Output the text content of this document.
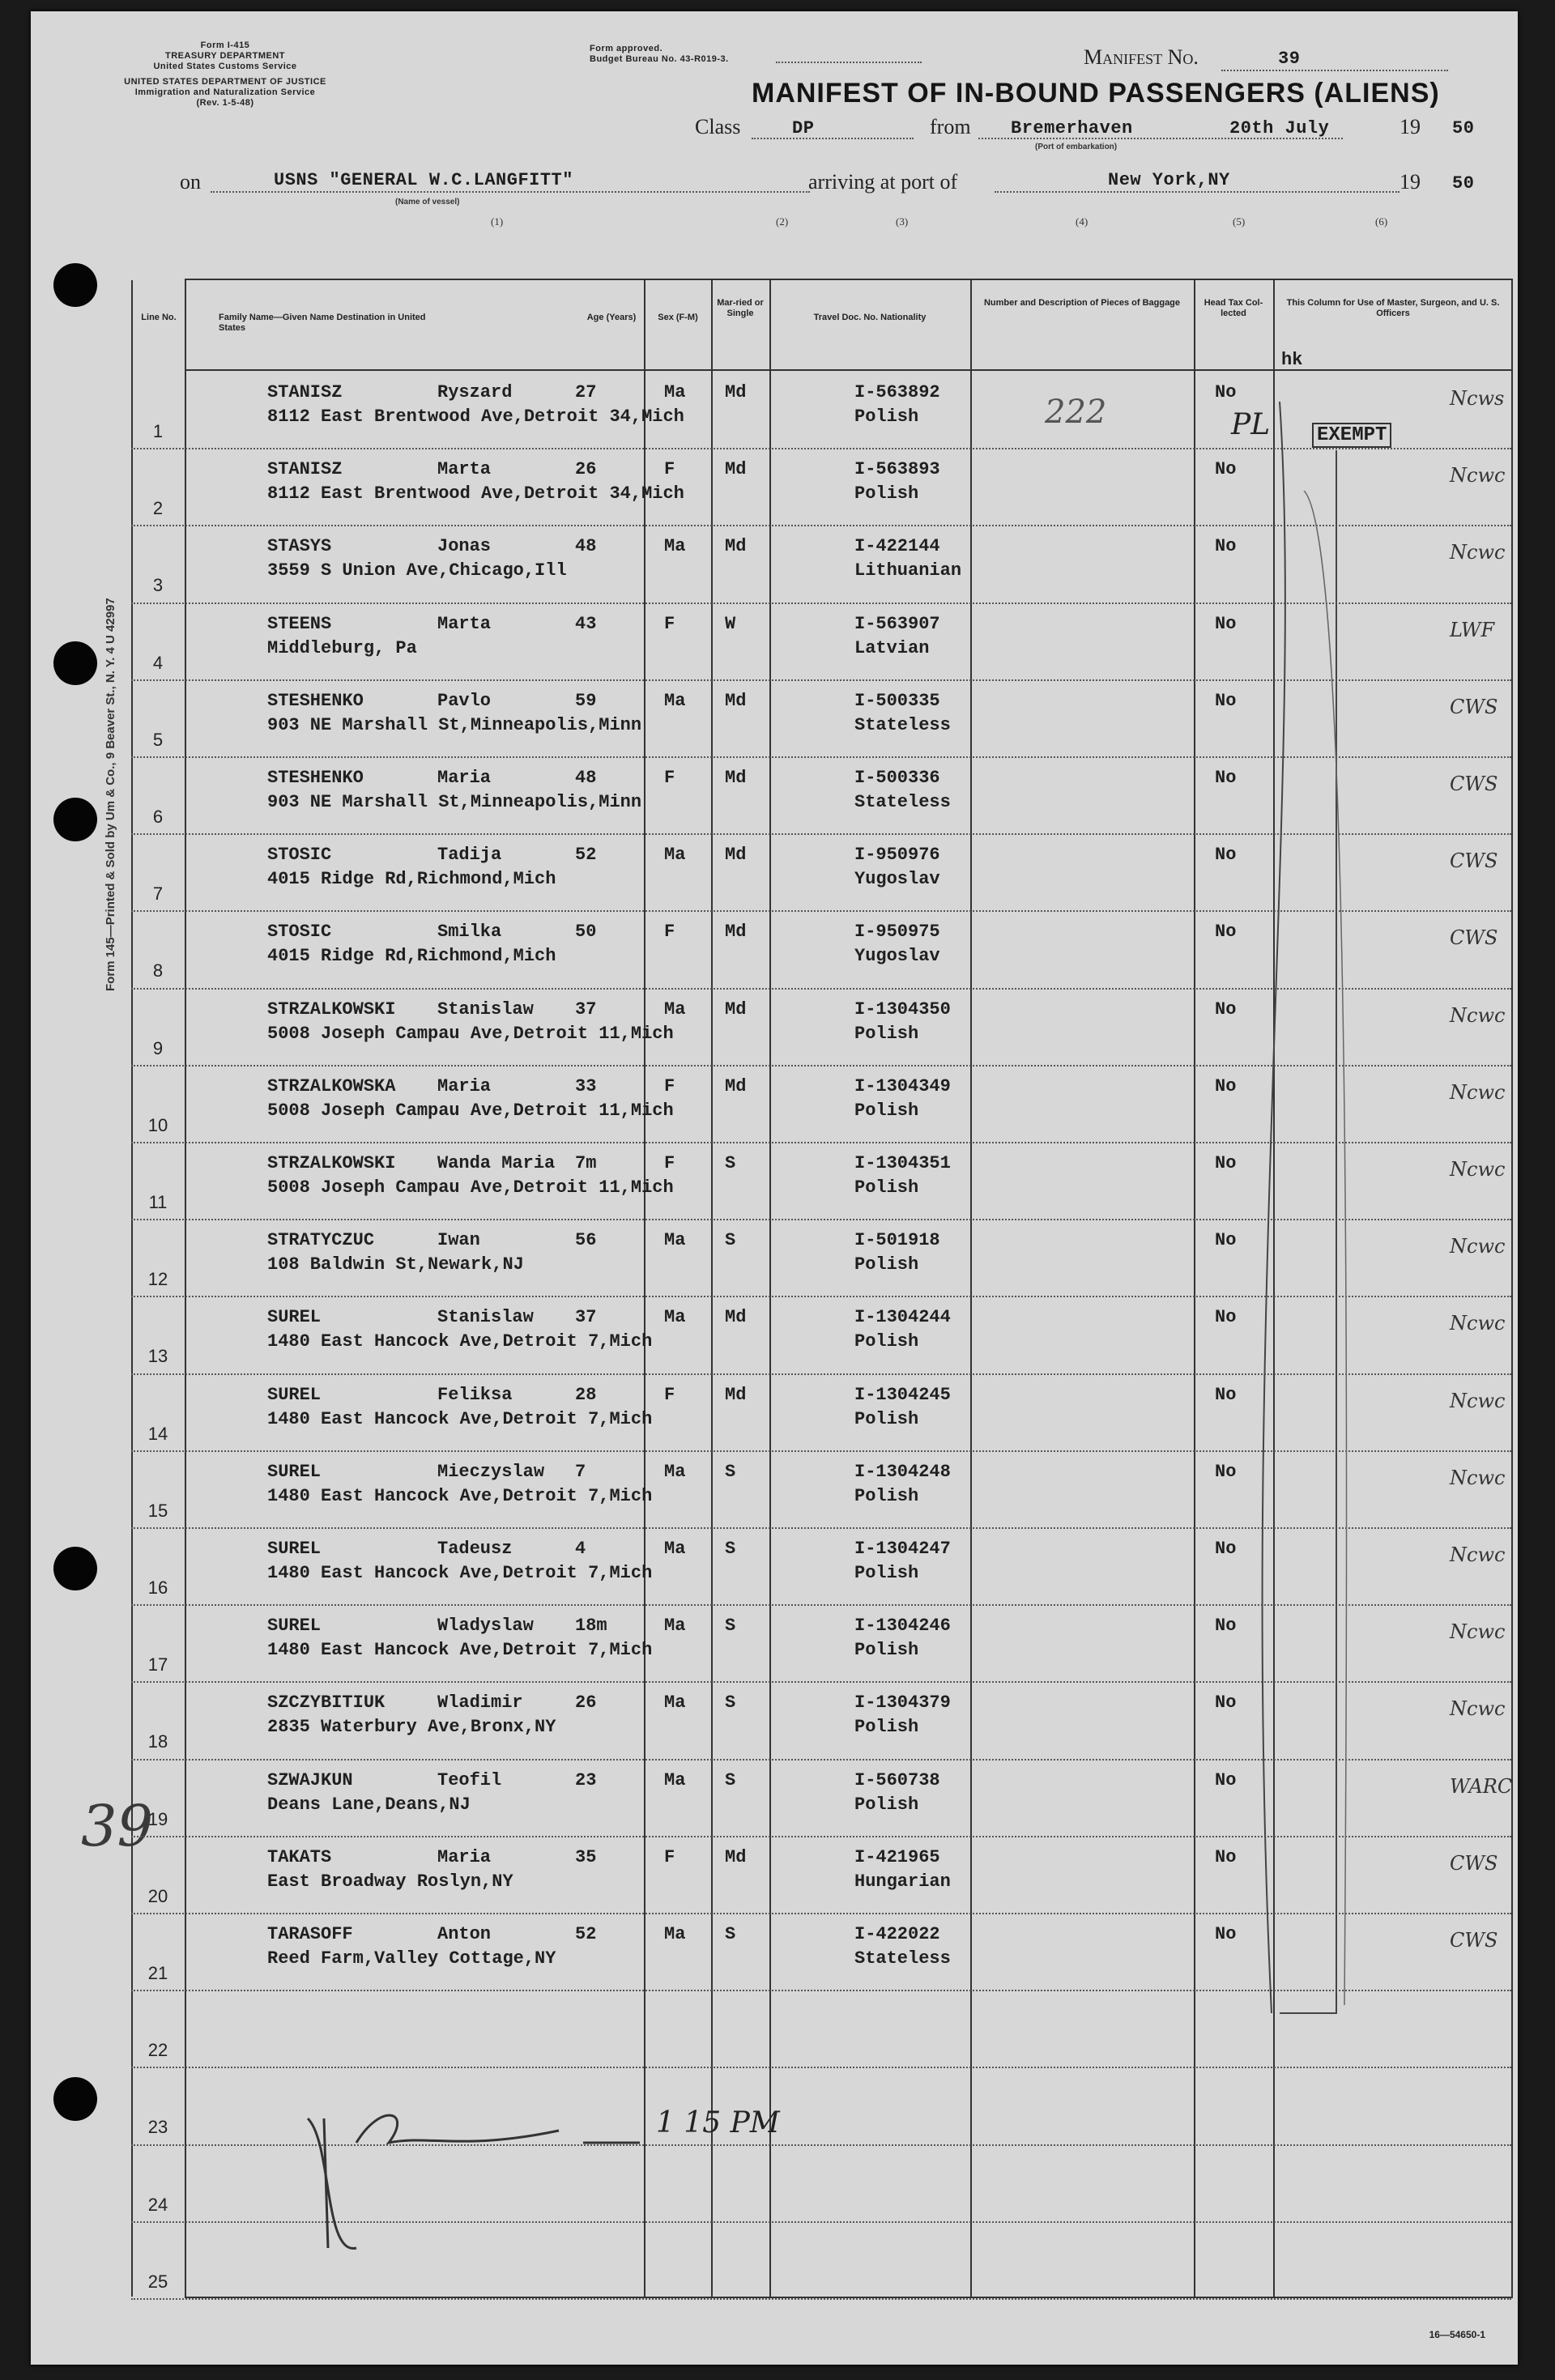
Form I-415
TREASURY DEPARTMENT
United States Customs Service
UNITED STATES DEPARTMENT OF JUSTICE
Immigration and Naturalization Service
(Rev. 1-5-48)
Form approved.
Budget Bureau No. 43-R019-3.	Manifest No.	39
MANIFEST OF IN-BOUND PASSENGERS (ALIENS)
Class	DP	from Bremerhaven	20th July
(Port of embarkation)
19 50
on	USNS "GENERAL W.C.LANGFITT"
(Name of vessel)
arriving at port of	New York,NY	19 50
(1)	(2)	(3)	(4)	(5)	(6)
Form 145—Printed & Sold by Um & Co., 9 Beaver St., N. Y. 4 U 42997
39
Line No.	Family Name—Given Name Destination in United States
Age (Years)	Sex (F-M)
Mar-ried or Single	Travel Doc. No. Nationality
Number and Description of Pieces of Baggage	Head Tax Col-lected
This Column for Use of Master, Surgeon, and U. S. Officers
hk
STANISZ	Ryszard	27	Ma Md	I-563892
8112 East Brentwood Ave,Detroit 34,Mich	Polish
No	Ncws
1
STANISZ	Marta	26	F	Md	I-563893
8112 East Brentwood Ave,Detroit 34,Mich	Polish
No	Ncwc
2
STASYS	Jonas	48	Ma Md	I-422144
3559 S Union Ave,Chicago,Ill	Lithuanian
No	Ncwc
3
STEENS	Marta	43	F	W	I-563907
Middleburg, Pa	Latvian
No	LWF
4
STESHENKO	Pavlo	59	Ma Md	I-500335
903 NE Marshall St,Minneapolis,Minn	Stateless
No	CWS
5
STESHENKO	Maria	48	F	Md	I-500336
903 NE Marshall St,Minneapolis,Minn	Stateless
No	CWS
6
STOSIC	Tadija	52	Ma Md	I-950976
4015 Ridge Rd,Richmond,Mich	Yugoslav
No	CWS
7
STOSIC	Smilka	50	F	Md	I-950975
4015 Ridge Rd,Richmond,Mich	Yugoslav
No	CWS
8
STRZALKOWSKI Stanislaw 37	Ma Md	I-1304350
5008 Joseph Campau Ave,Detroit 11,Mich	Polish
No	Ncwc
9
STRZALKOWSKA Maria	33	F	Md	I-1304349
5008 Joseph Campau Ave,Detroit 11,Mich	Polish
No	Ncwc
10
STRZALKOWSKI Wanda Maria 7m	F	S	I-1304351
5008 Joseph Campau Ave,Detroit 11,Mich	Polish
No	Ncwc
11
STRATYCZUC	Iwan	56	Ma S	I-501918
108 Baldwin St,Newark,NJ	Polish
No	Ncwc
12
SUREL	Stanislaw 37	Ma Md	I-1304244
1480 East Hancock Ave,Detroit 7,Mich	Polish
No	Ncwc
13
SUREL	Feliksa	28	F	Md	I-1304245
1480 East Hancock Ave,Detroit 7,Mich	Polish
No	Ncwc
14
SUREL	Mieczyslaw 7	Ma S	I-1304248
1480 East Hancock Ave,Detroit 7,Mich	Polish
No	Ncwc
15
SUREL	Tadeusz	4	Ma S	I-1304247
1480 East Hancock Ave,Detroit 7,Mich	Polish
No	Ncwc
16
SUREL	Wladyslaw 18m	Ma S	I-1304246
1480 East Hancock Ave,Detroit 7,Mich	Polish
No	Ncwc
17
SZCZYBITIUK	Wladimir	26	Ma S	I-1304379
2835 Waterbury Ave,Bronx,NY	Polish
No	Ncwc
18
SZWAJKUN	Teofil	23	Ma S	I-560738
Deans Lane,Deans,NJ	Polish
No	WARC
19
TAKATS	Maria	35	F	Md	I-421965
East Broadway Roslyn,NY	Hungarian
No	CWS
20
TARASOFF	Anton	52	Ma S	I-422022
Reed Farm,Valley Cottage,NY	Stateless
No	CWS
21
22
23
24
25
222	PL EXEMPT
1 15 PM
16—54650-1
